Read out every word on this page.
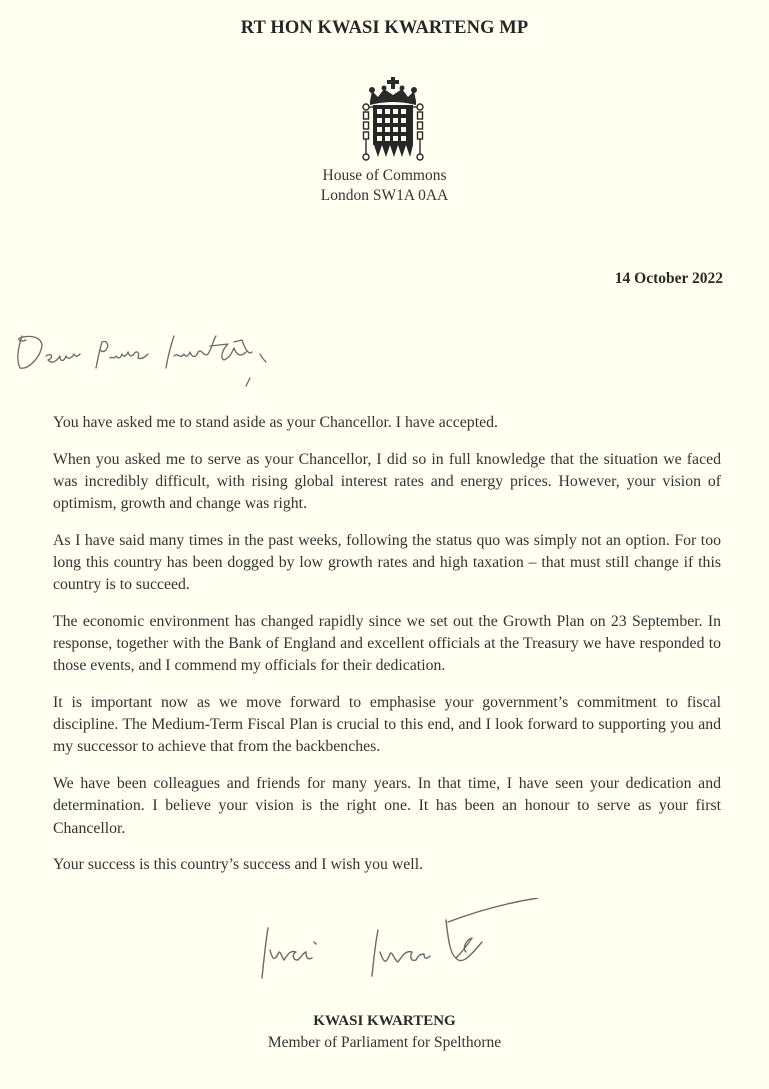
RT HON KWASI KWARTENG MP
House of Commons
London SW1A 0AA
14 October 2022

You have asked me to stand aside as your Chancellor. I have accepted.

When you asked me to serve as your Chancellor, I did so in full knowledge that the situation we faced was incredibly difficult, with rising global interest rates and energy prices. However, your vision of optimism, growth and change was right.

As I have said many times in the past weeks, following the status quo was simply not an option. For too long this country has been dogged by low growth rates and high taxation – that must still change if this country is to succeed.

The economic environment has changed rapidly since we set out the Growth Plan on 23 September. In response, together with the Bank of England and excellent officials at the Treasury we have responded to those events, and I commend my officials for their dedication.

It is important now as we move forward to emphasise your government’s commitment to fiscal discipline. The Medium-Term Fiscal Plan is crucial to this end, and I look forward to supporting you and my successor to achieve that from the backbenches.

We have been colleagues and friends for many years. In that time, I have seen your dedication and determination. I believe your vision is the right one. It has been an honour to serve as your first Chancellor.

Your success is this country’s success and I wish you well.

KWASI KWARTENG
Member of Parliament for Spelthorne
